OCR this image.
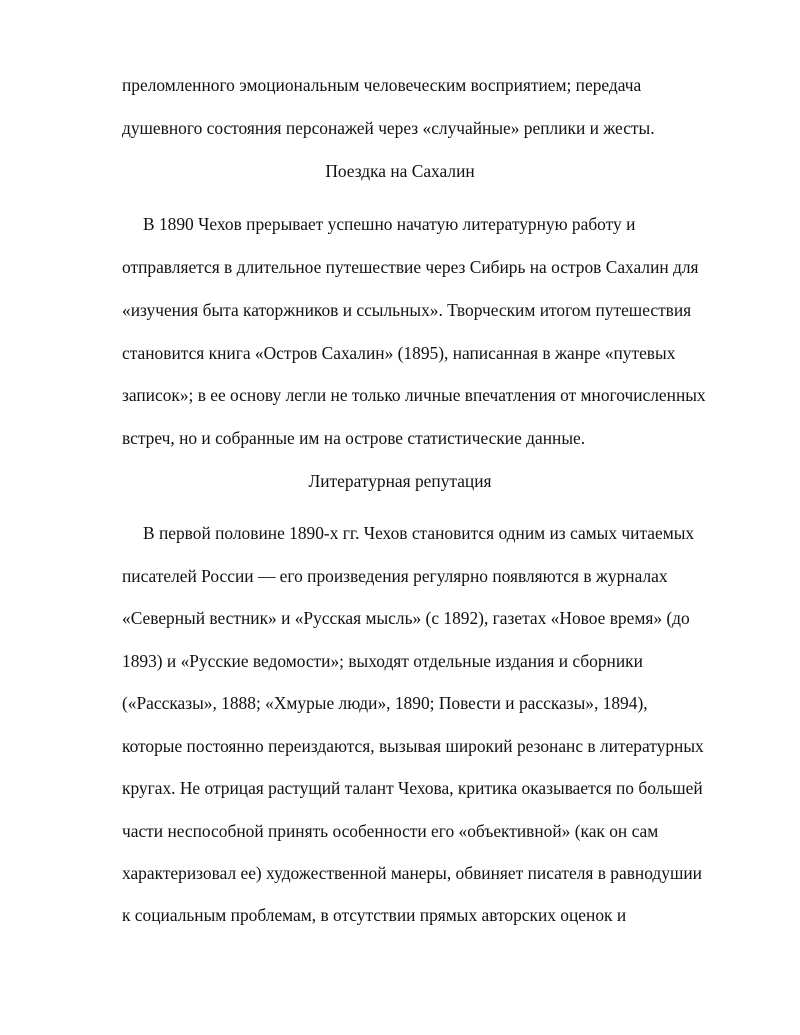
преломленного эмоциональным человеческим восприятием; передача
душевного состояния персонажей через «случайные» реплики и жесты.
Поездка на Сахалин
В 1890 Чехов прерывает успешно начатую литературную работу и
отправляется в длительное путешествие через Сибирь на остров Сахалин для
«изучения быта каторжников и ссыльных». Творческим итогом путешествия
становится книга «Остров Сахалин» (1895), написанная в жанре «путевых
записок»; в ее основу легли не только личные впечатления от многочисленных
встреч, но и собранные им на острове статистические данные.
Литературная репутация
В первой половине 1890-х гг. Чехов становится одним из самых читаемых
писателей России — его произведения регулярно появляются в журналах
«Северный вестник» и «Русская мысль» (с 1892), газетах «Новое время» (до
1893) и «Русские ведомости»; выходят отдельные издания и сборники
(«Рассказы», 1888; «Хмурые люди», 1890; Повести и рассказы», 1894),
которые постоянно переиздаются, вызывая широкий резонанс в литературных
кругах. Не отрицая растущий талант Чехова, критика оказывается по большей
части неспособной принять особенности его «объективной» (как он сам
характеризовал ее) художественной манеры, обвиняет писателя в равнодушии
к социальным проблемам, в отсутствии прямых авторских оценок и
